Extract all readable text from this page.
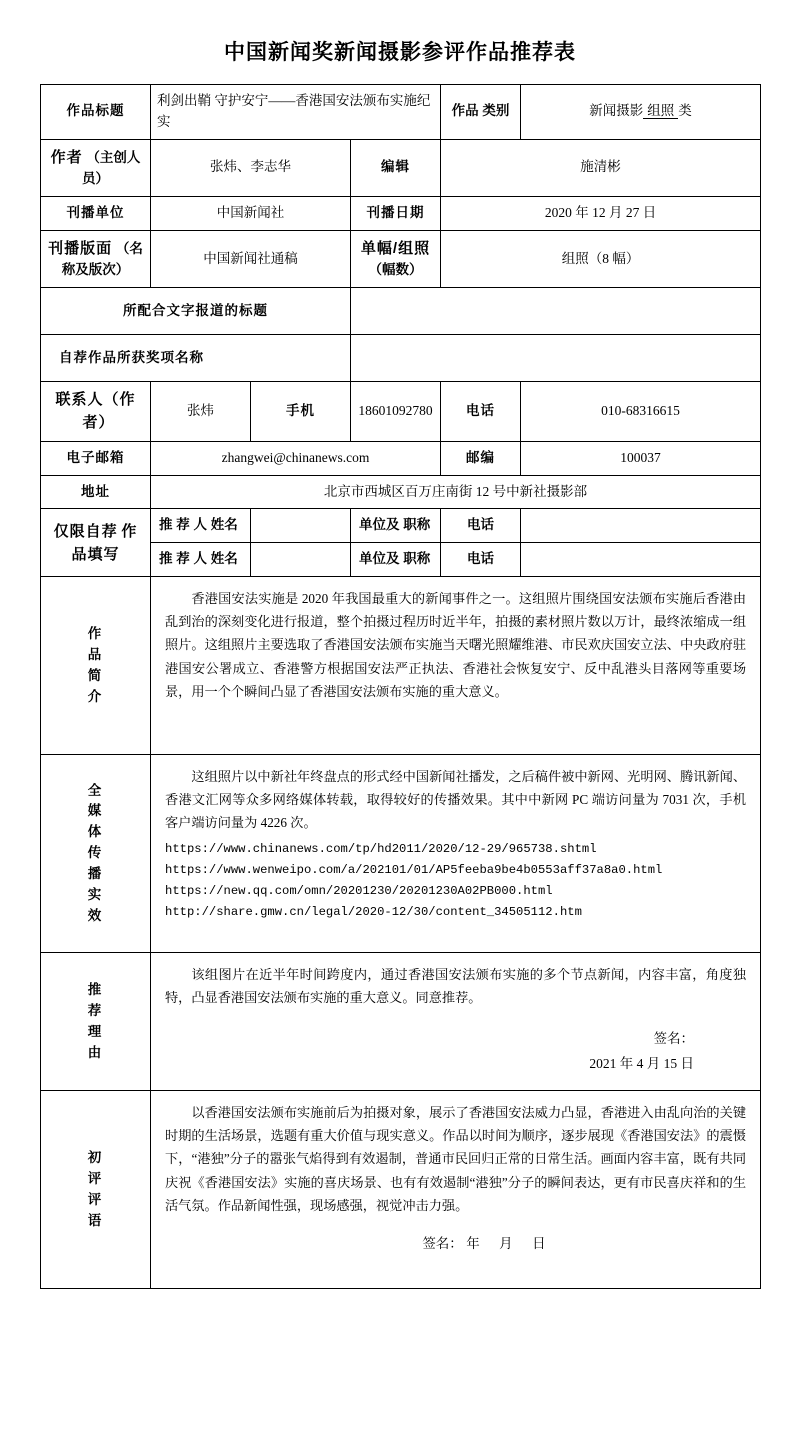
中国新闻奖新闻摄影参评作品推荐表
作品标题	利剑出鞘 守护安宁——香港国安法颁布实施纪实			作品 类别	新闻摄影 组照 类
作者 （主创人员）	张炜、李志华		编辑	施清彬	
刊播单位	中国新闻社		刊播日期	2020 年 12 月 27 日	
刊播版面 （名称及版次）	中国新闻社通稿		单幅/组照 （幅数）	组照（8 幅）	
所配合文字报道的标题					
自荐作品所获奖项名称					
联系人（作 者）	张炜	手机	18601092780	电话	010-68316615
电子邮箱	zhangwei@chinanews.com			邮编	100037
地址	北京市西城区百万庄南街 12 号中新社摄影部				
仅限自荐 作品填写	推 荐 人 姓名		单位及 职称	电话	
	推 荐 人 姓名		单位及 职称	电话	

作
品
简
介

香港国安法实施是 2020 年我国最重大的新闻事件之一。这组照片围绕国安法颁布实施后香港由乱到治的深刻变化进行报道，整个拍摄过程历时近半年，拍摄的素材照片数以万计，最终浓缩成一组照片。这组照片主要选取了香港国安法颁布实施当天曙光照耀维港、市民欢庆国安立法、中央政府驻港国安公署成立、香港警方根据国安法严正执法、香港社会恢复安宁、反中乱港头目落网等重要场景，用一个个瞬间凸显了香港国安法颁布实施的重大意义。

全
媒
体
传
播
实
效

这组照片以中新社年终盘点的形式经中国新闻社播发，之后稿件被中新网、光明网、腾讯新闻、香港文汇网等众多网络媒体转载，取得较好的传播效果。其中中新网 PC 端访问量为 7031 次，手机客户端访问量为 4226 次。

https://www.chinanews.com/tp/hd2011/2020/12-29/965738.shtml
https://www.wenweipo.com/a/202101/01/AP5feeba9be4b0553aff37a8a0.html
https://new.qq.com/omn/20201230/20201230A02PB000.html
http://share.gmw.cn/legal/2020-12/30/content_34505112.htm

推
荐
理
由

该组图片在近半年时间跨度内，通过香港国安法颁布实施的多个节点新闻，内容丰富，角度独特，凸显香港国安法颁布实施的重大意义。同意推荐。

签名：
2021 年 4 月 15 日

初
评
评
语

以香港国安法颁布实施前后为拍摄对象，展示了香港国安法威力凸显，香港进入由乱向治的关键时期的生活场景，选题有重大价值与现实意义。作品以时间为顺序，逐步展现《香港国安法》的震慑下，“港独”分子的嚣张气焰得到有效遏制，普通市民回归正常的日常生活。画面内容丰富，既有共同庆祝《香港国安法》实施的喜庆场景、也有有效遏制“港独”分子的瞬间表达，更有市民喜庆祥和的生活气氛。作品新闻性强，现场感强，视觉冲击力强。

签名： 年　月　日
